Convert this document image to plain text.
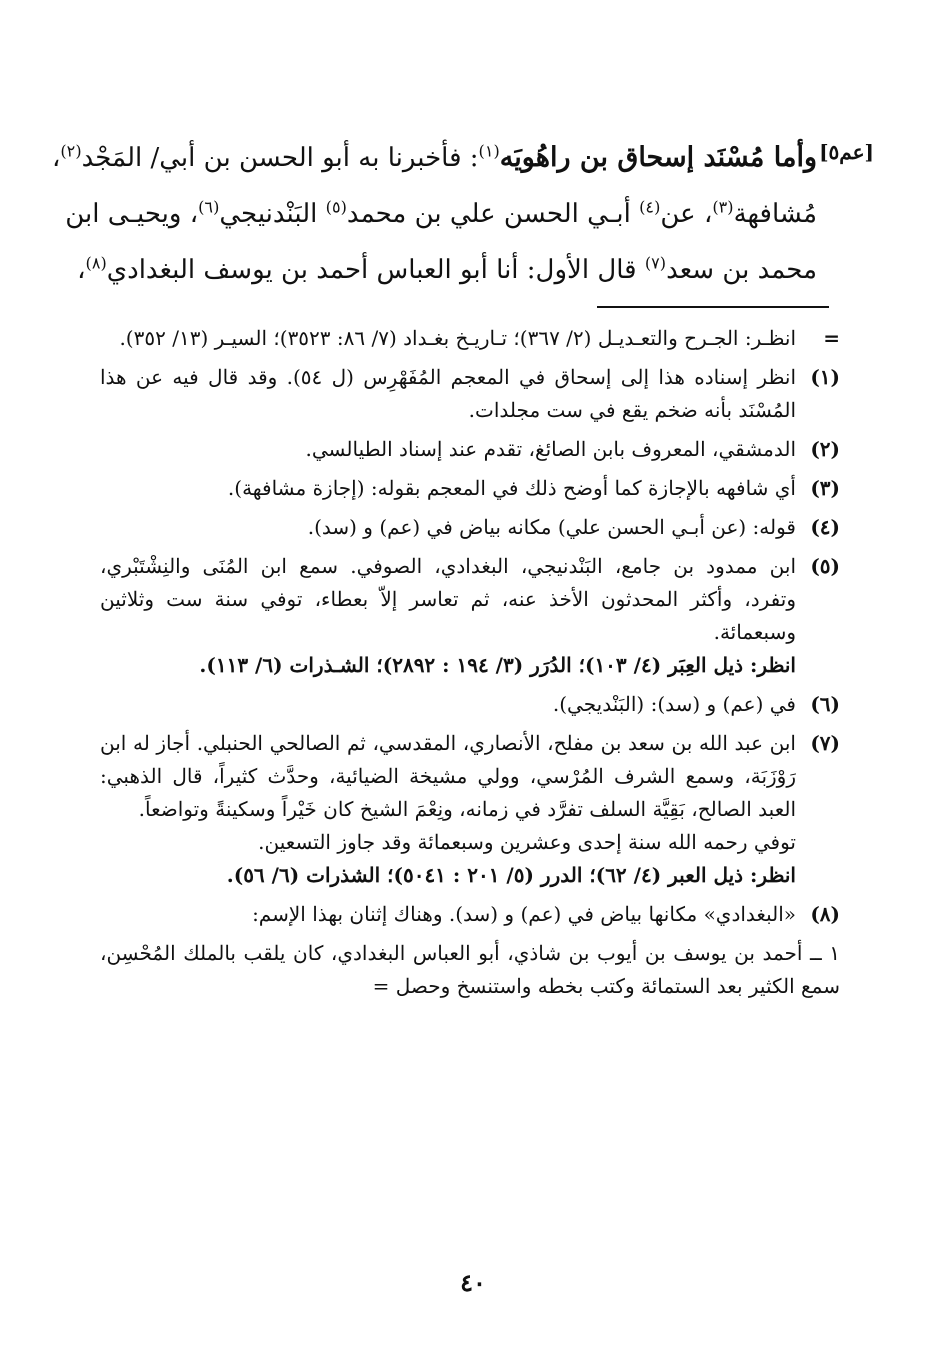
[عم٥]
وأما مُسْنَد إسحاق بن راهُويَه$^{(١)}$: فأخبرنا به أبو الحسن بن أبي/ المَجْد$^{(٢)}$،
مُشافهة$^{(٣)}$، عن$^{(٤)}$ أبـي الحسن علي بن محمد$^{(٥)}$ البَنْدنيجي$^{(٦)}$، ويحيـى ابن
محمد بن سعد$^{(٧)}$ قال الأول: أنا أبو العباس أحمد بن يوسف البغدادي$^{(٨)}$،
=

انظـر: الجـرح والتعـديـل (٢/ ٣٦٧)؛ تـاريـخ بغـداد (٧/ ٨٦: ٣٥٢٣)؛ السيـر (١٣/ ٣٥٢).

(١)

انظر إسناده هذا إلى إسحاق في المعجم المُفَهْرِس (ل ٥٤). وقد قال فيه عن هذا المُسْنَد بأنه ضخم يقع في ست مجلدات.

(٢)

الدمشقي، المعروف بابن الصائغ، تقدم عند إسناد الطيالسي.

(٣)

أي شافهه بالإجازة كما أوضح ذلك في المعجم بقوله: (إجازة مشافهة).

(٤)

قوله: (عن أبـي الحسن علي) مكانه بياض في (عم) و (سد).

(٥)

ابن ممدود بن جامع، البَنْدنيجي، البغدادي، الصوفي. سمع ابن المُنَى والنِشْتَبْري، وتفرد، وأكثر المحدثون الأخذ عنه، ثم تعاسر إلاّ بعطاء، توفي سنة ست وثلاثين وسبعمائة.

انظر: ذيل العِبَر (٤/ ١٠٣)؛ الدُرَر (٣/ ١٩٤ : ٢٨٩٢)؛ الشـذرات (٦/ ١١٣).

(٦)

في (عم) و (سد): (البَنْديجي).

(٧)

ابن عبد الله بن سعد بن مفلح، الأنصاري، المقدسي، ثم الصالحي الحنبلي. أجاز له ابن رَوْزَبَة، وسمع الشرف المُرْسي، وولي مشيخة الضيائية، وحدَّث كثيراً، قال الذهبي: العبد الصالح، بَقِيَّة السلف تفرَّد في زمانه، ونِعْمَ الشيخ كان خَيْراً وسكينةً وتواضعاً.

توفي رحمه الله سنة إحدى وعشرين وسبعمائة وقد جاوز التسعين.

انظر: ذيل العبر (٤/ ٦٢)؛ الدرر (٥/ ٢٠١ : ٥٠٤١)؛ الشذرات (٦/ ٥٦).

(٨)

«البغدادي» مكانها بياض في (عم) و (سد). وهناك إثنان بهذا الإسم:

١ ــ أحمد بن يوسف بن أيوب بن شاذي، أبو العباس البغدادي، كان يلقب بالملك المُحْسِن، سمع الكثير بعد الستمائة وكتب بخطه واستنسخ وحصل =

٤٠
